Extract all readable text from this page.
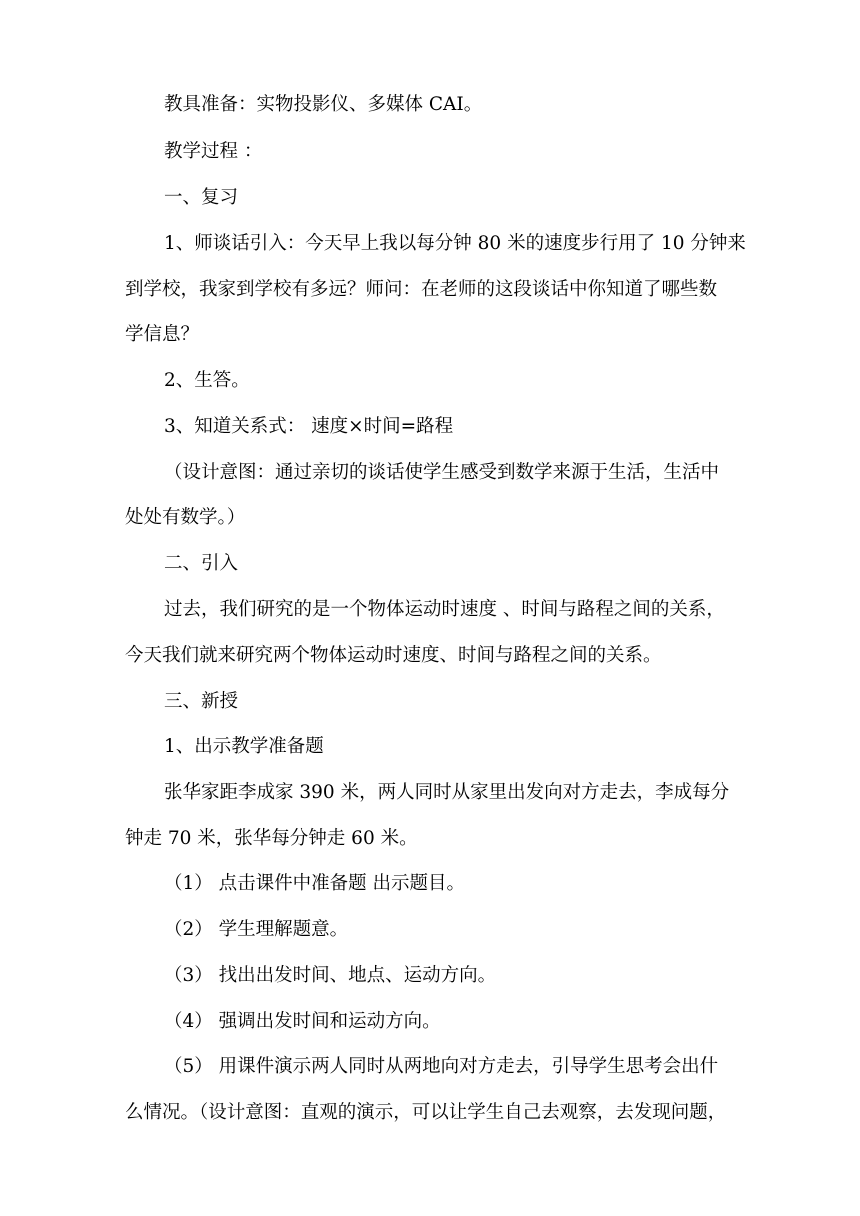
教具准备：实物投影仪、多媒体 CAI。

教学过程 ：

一、复习

1、师谈话引入：今天早上我以每分钟 80 米的速度步行用了 10 分钟来

到学校，我家到学校有多远？师问：在老师的这段谈话中你知道了哪些数

学信息？

2、生答。

3、知道关系式： 速度×时间=路程

（设计意图：通过亲切的谈话使学生感受到数学来源于生活，生活中

处处有数学。）

二、引入

过去，我们研究的是一个物体运动时速度 、时间与路程之间的关系，

今天我们就来研究两个物体运动时速度、时间与路程之间的关系。

三、新授

1、出示教学准备题

张华家距李成家 390 米，两人同时从家里出发向对方走去，李成每分

钟走 70 米，张华每分钟走 60 米。

（1） 点击课件中准备题 出示题目。

（2） 学生理解题意。

（3） 找出出发时间、地点、运动方向。

（4） 强调出发时间和运动方向。

（5） 用课件演示两人同时从两地向对方走去，引导学生思考会出什

么情况。（设计意图：直观的演示，可以让学生自己去观察，去发现问题，
